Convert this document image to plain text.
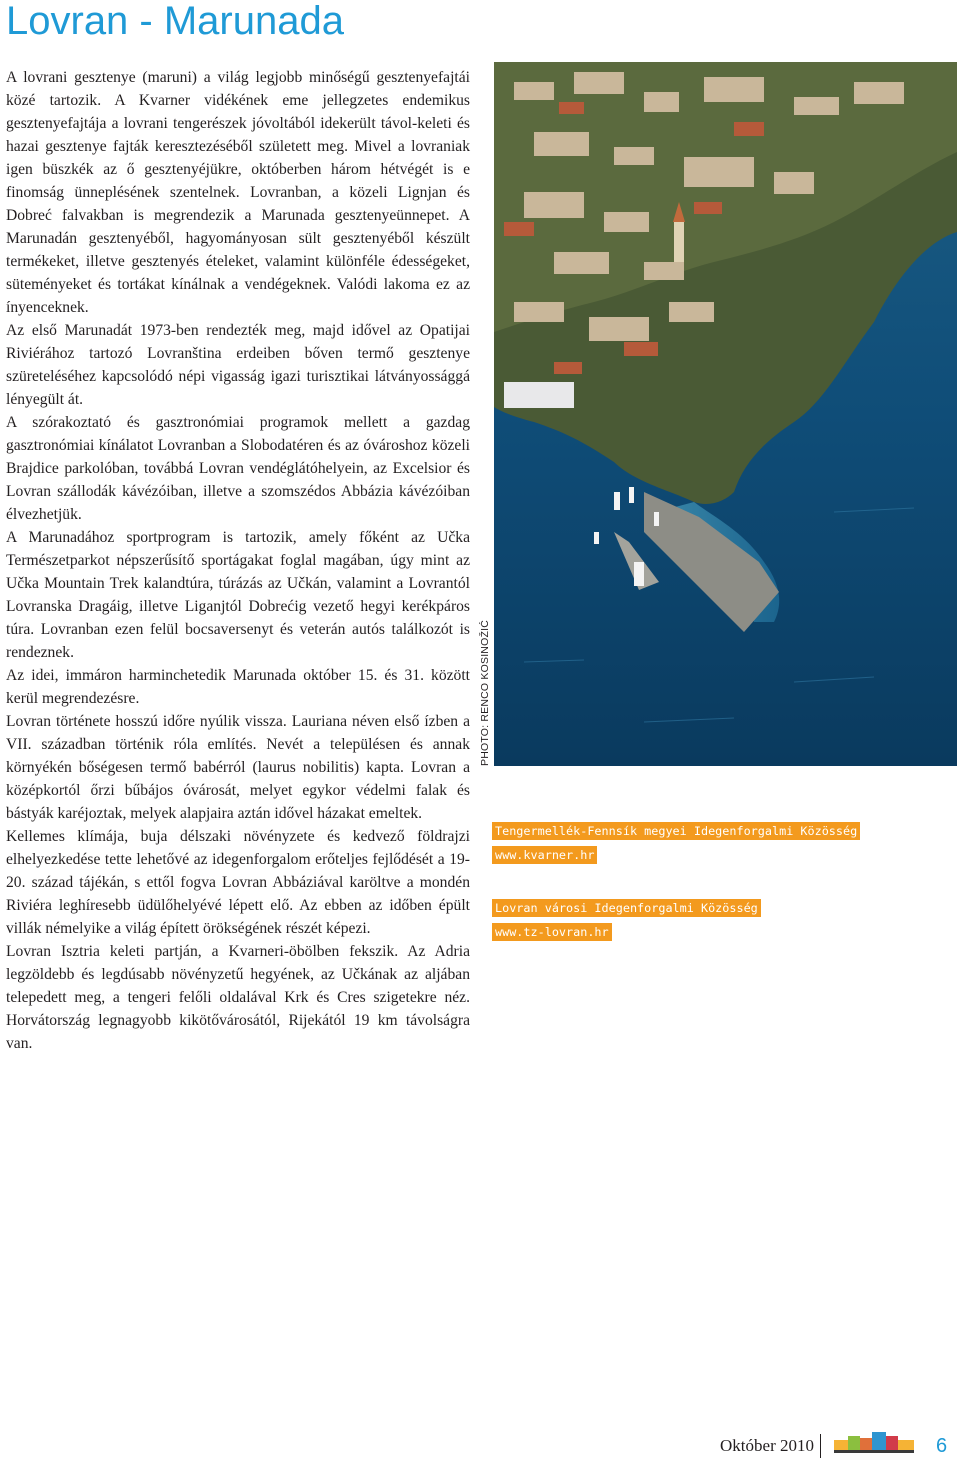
Lovran - Marunada

A lovrani gesztenye (maruni) a világ legjobb minőségű gesztenyefajtái közé tartozik. A Kvarner vidékének eme jellegzetes endemikus gesztenyefajtája a lovrani tengerészek jóvoltából idekerült távol-keleti és hazai gesztenye fajták keresztezéséből született meg. Mivel a lovraniak igen büszkék az ő gesztenyéjükre, októberben három hétvégét is e finomság ünneplésének szentelnek. Lovranban, a közeli Lignjan és Dobreć falvakban is megrendezik a Marunada gesztenyeünnepet. A Marunadán gesztenyéből, hagyományosan sült gesztenyéből készült termékeket, illetve gesztenyés ételeket, valamint különféle édességeket, süteményeket és tortákat kínálnak a vendégeknek. Valódi lakoma ez az ínyenceknek.

Az első Marunadát 1973-ben rendezték meg, majd idővel az Opatijai Riviérához tartozó Lovranština erdeiben bőven termő gesztenye szüreteléséhez kapcsolódó népi vigasság igazi turisztikai látványossággá lényegült át.

A szórakoztató és gasztronómiai programok mellett a gazdag gasztronómiai kínálatot Lovranban a Slobodatéren és az óvároshoz közeli Brajdice parkolóban, továbbá Lovran vendéglátóhelyein, az Excelsior és Lovran szállodák kávézóiban, illetve a szomszédos Abbázia kávézóiban élvezhetjük.

A Marunadához sportprogram is tartozik, amely főként az Učka Természetparkot népszerűsítő sportágakat foglal magában, úgy mint az Učka Mountain Trek kalandtúra, túrázás az Učkán, valamint a Lovrantól Lovranska Dragáig, illetve Liganjtól Dobrećig vezető hegyi kerékpáros túra. Lovranban ezen felül bocsaversenyt és veterán autós találkozót is rendeznek.

Az idei, immáron harminchetedik Marunada október 15. és 31. között kerül megrendezésre.

Lovran története hosszú időre nyúlik vissza. Lauriana néven első ízben a VII. században történik róla említés. Nevét a településen és annak környékén bőségesen termő babérról (laurus nobilitis) kapta. Lovran a középkortól őrzi bűbájos óvárosát, melyet egykor védelmi falak és bástyák karéjoztak, melyek alapjaira aztán idővel házakat emeltek.

Kellemes klímája, buja délszaki növényzete és kedvező földrajzi elhelyezkedése tette lehetővé az idegenforgalom erőteljes fejlődését a 19-20. század tájékán, s ettől fogva Lovran Abbáziával karöltve a mondén Riviéra leghíresebb üdülőhelyévé lépett elő. Az ebben az időben épült villák némelyike a világ épített örökségének részét képezi.

Lovran Isztria keleti partján, a Kvarneri-öbölben fekszik. Az Adria legzöldebb és legdúsabb növényzetű hegyének, az Učkának az aljában telepedett meg, a tengeri felőli oldalával Krk és Cres szigetekre néz. Horvátország legnagyobb kikötővárosától, Rijekától 19 km távolságra van.

PHOTO: RENCO KOSINOŽIĆ
Tengermellék-Fennsík megyei Idegenforgalmi Közösség
www.kvarner.hr
Lovran városi Idegenforgalmi Közösség
www.tz-lovran.hr
Október 2010	6
